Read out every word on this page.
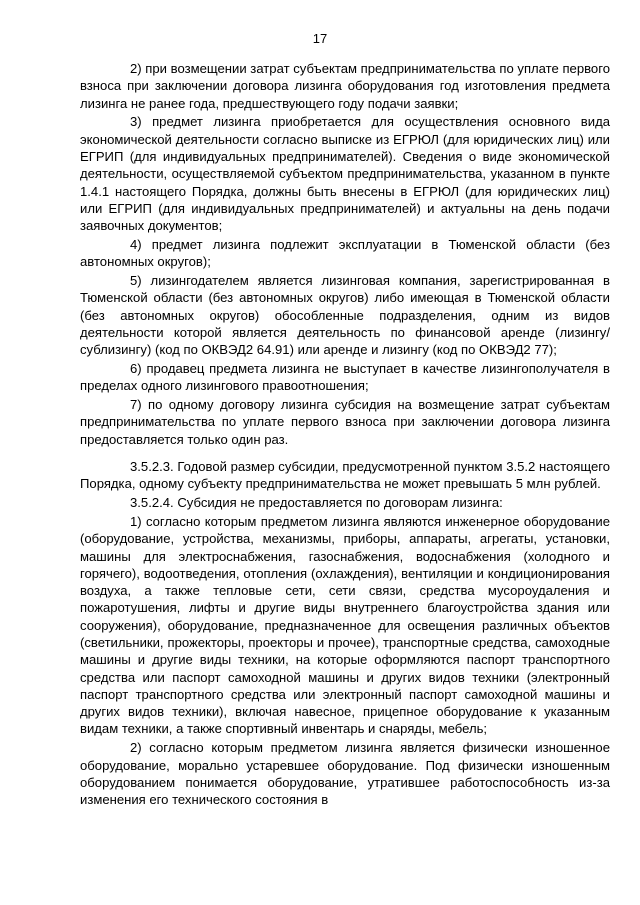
17

2) при возмещении затрат субъектам предпринимательства по уплате первого взноса при заключении договора лизинга оборудования год изготовления предмета лизинга не ранее года, предшествующего году подачи заявки;

3) предмет лизинга приобретается для осуществления основного вида экономической деятельности согласно выписке из ЕГРЮЛ (для юридических лиц) или ЕГРИП (для индивидуальных предпринимателей). Сведения о виде экономической деятельности, осуществляемой субъектом предпринимательства, указанном в пункте 1.4.1 настоящего Порядка, должны быть внесены в ЕГРЮЛ (для юридических лиц) или ЕГРИП (для индивидуальных предпринимателей) и актуальны на день подачи заявочных документов;

4) предмет лизинга подлежит эксплуатации в Тюменской области (без автономных округов);

5) лизингодателем является лизинговая компания, зарегистрированная в Тюменской области (без автономных округов) либо имеющая в Тюменской области (без автономных округов) обособленные подразделения, одним из видов деятельности которой является деятельность по финансовой аренде (лизингу/сублизингу) (код по ОКВЭД2 64.91) или аренде и лизингу (код по ОКВЭД2 77);

6) продавец предмета лизинга не выступает в качестве лизингополучателя в пределах одного лизингового правоотношения;

7) по одному договору лизинга субсидия на возмещение затрат субъектам предпринимательства по уплате первого взноса при заключении договора лизинга предоставляется только один раз.

3.5.2.3. Годовой размер субсидии, предусмотренной пунктом 3.5.2 настоящего Порядка, одному субъекту предпринимательства не может превышать 5 млн рублей.

3.5.2.4. Субсидия не предоставляется по договорам лизинга:

1) согласно которым предметом лизинга являются инженерное оборудование (оборудование, устройства, механизмы, приборы, аппараты, агрегаты, установки, машины для электроснабжения, газоснабжения, водоснабжения (холодного и горячего), водоотведения, отопления (охлаждения), вентиляции и кондиционирования воздуха, а также тепловые сети, сети связи, средства мусороудаления и пожаротушения, лифты и другие виды внутреннего благоустройства здания или сооружения), оборудование, предназначенное для освещения различных объектов (светильники, прожекторы, проекторы и прочее), транспортные средства, самоходные машины и другие виды техники, на которые оформляются паспорт транспортного средства или паспорт самоходной машины и других видов техники (электронный паспорт транспортного средства или электронный паспорт самоходной машины и других видов техники), включая навесное, прицепное оборудование к указанным видам техники, а также спортивный инвентарь и снаряды, мебель;

2) согласно которым предметом лизинга является физически изношенное оборудование, морально устаревшее оборудование. Под физически изношенным оборудованием понимается оборудование, утратившее работоспособность из-за изменения его технического состояния в
